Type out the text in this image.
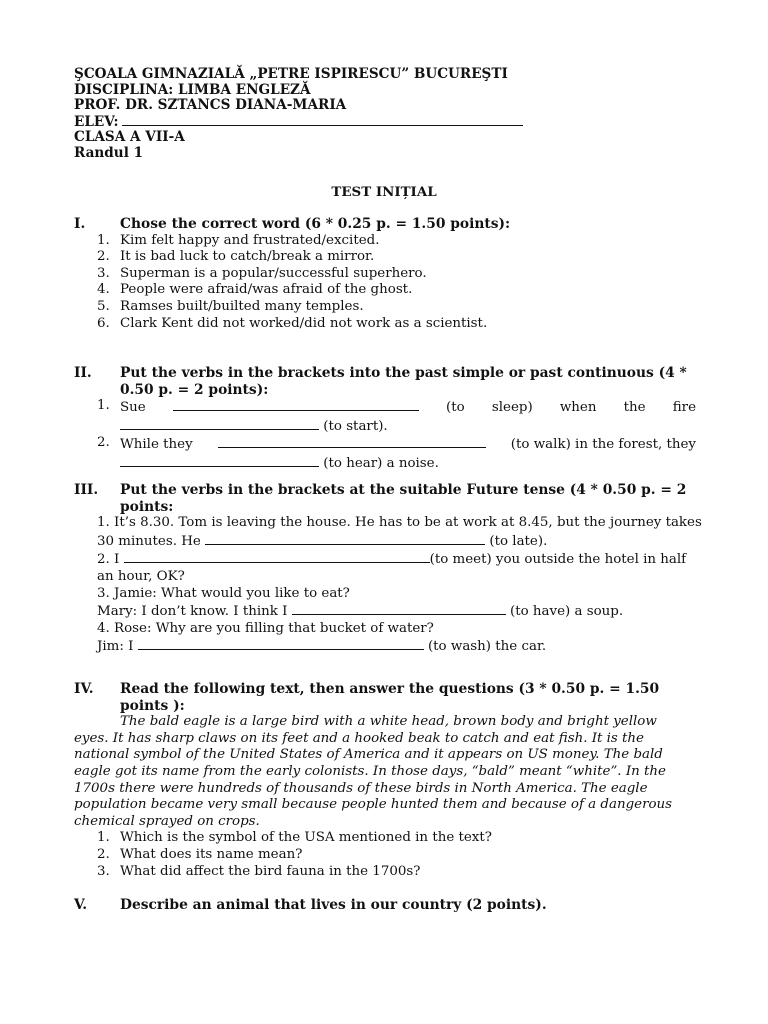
ŞCOALA GIMNAZIALĂ „PETRE ISPIRESCU” BUCUREŞTI
DISCIPLINA: LIMBA ENGLEZĂ
PROF. DR. SZTANCS DIANA-MARIA
ELEV:
CLASA A VII-A
Randul 1
TEST INIȚIAL
I.	Chose the correct word (6 * 0.25 p. = 1.50 points):
1. Kim felt happy and frustrated/excited.
2. It is bad luck to catch/break a mirror.
3. Superman is a popular/successful superhero.
4. People were afraid/was afraid of the ghost.
5. Ramses built/builted many temples.
6. Clark Kent did not worked/did not work as a scientist.
II. Put the verbs in the brackets into the past simple or past continuous (4 *
0.50 p. = 2 points):
1. Sue	(to sleep) when the fire
(to start).
2. While they	(to walk) in the forest, they
(to hear) a noise.
III. Put the verbs in the brackets at the suitable Future tense (4 * 0.50 p. = 2
points:
1. It’s 8.30. Tom is leaving the house. He has to be at work at 8.45, but the journey takes
30 minutes. He	(to late).
2. I	(to meet) you outside the hotel in half
an hour, OK?
3. Jamie: What would you like to eat?
Mary: I don’t know. I think I	(to have) a soup.
4. Rose: Why are you filling that bucket of water?
Jim: I	(to wash) the car.
IV. Read the following text, then answer the questions (3 * 0.50 p. = 1.50
points ):
The bald eagle is a large bird with a white head, brown body and bright yellow
eyes. It has sharp claws on its feet and a hooked beak to catch and eat fish. It is the
national symbol of the United States of America and it appears on US money. The bald
eagle got its name from the early colonists. In those days, “bald” meant “white”. In the
1700s there were hundreds of thousands of these birds in North America. The eagle
population became very small because people hunted them and because of a dangerous
chemical sprayed on crops.
1. Which is the symbol of the USA mentioned in the text?
2. What does its name mean?
3. What did affect the bird fauna in the 1700s?
V. Describe an animal that lives in our country (2 points).
